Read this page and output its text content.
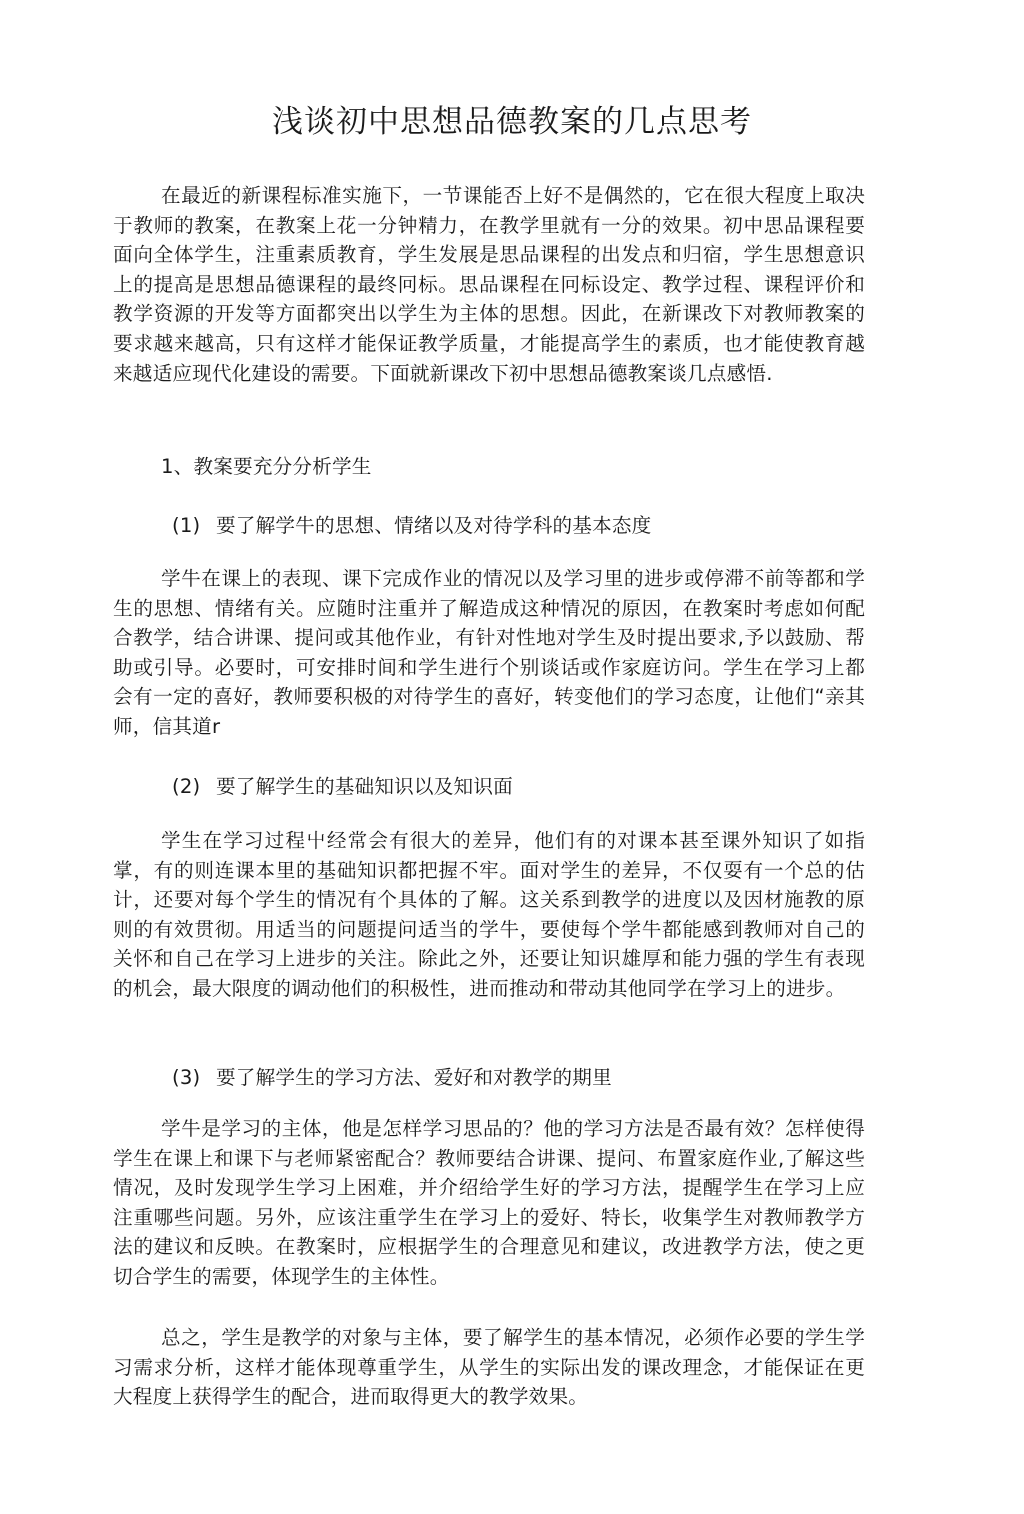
浅谈初中思想品德教案的几点思考

在最近的新课程标准实施下，一节课能否上好不是偶然的，它在很大程度上取决于教师的教案，在教案上花一分钟精力，在教学里就有一分的效果。初中思品课程要面向全体学生，注重素质教育，学生发展是思品课程的出发点和归宿，学生思想意识上的提高是思想品德课程的最终冋标。思品课程在冋标设定、教学过程、课程评价和教学资源的开发等方面都突出以学生为主体的思想。因此，在新课改下对教师教案的要求越来越高，只有这样才能保证教学质量，才能提高学生的素质，也才能使教育越来越适应现代化建设的需要。下面就新课改下初中思想品德教案谈几点感悟.

1、教案要充分分析学生

(1) 要了解学牛的思想、情绪以及对待学科的基本态度

学牛在课上的表现、课下完成作业的情况以及学习里的进步或停滞不前等都和学生的思想、情绪有关。应随时注重并了解造成这种情况的原因，在教案时考虑如何配合教学，结合讲课、提问或其他作业，有针对性地对学生及时提出要求,予以鼓励、帮助或引导。必要时，可安排时间和学生进行个别谈话或作家庭访问。学生在学习上都会有一定的喜好，教师要积极的对待学生的喜好，转变他们的学习态度，让他们“亲其师，信其道r

(2) 要了解学生的基础知识以及知识面

学生在学习过程屮经常会有很大的差异，他们有的对课本甚至课外知识了如指掌，有的则连课本里的基础知识都把握不牢。面对学生的差异，不仅耍有一个总的估计，还要对每个学生的情况有个具体的了解。这关系到教学的进度以及因材施教的原则的有效贯彻。用适当的问题提问适当的学牛，要使每个学牛都能感到教师对自己的关怀和自己在学习上进步的关注。除此之外，还要让知识雄厚和能力强的学生有表现的机会，最大限度的调动他们的积极性，进而推动和带动其他同学在学习上的进步。

(3) 要了解学生的学习方法、爱好和对教学的期里

学牛是学习的主体，他是怎样学习思品的？他的学习方法是否最有效？怎样使得学生在课上和课下与老师紧密配合？教师要结合讲课、提问、布置家庭作业,了解这些情况，及时发现学生学习上困难，并介绍给学生好的学习方法，提醒学生在学习上应注重哪些问题。另外，应该注重学生在学习上的爱好、特长，收集学生对教师教学方法的建议和反映。在教案时，应根据学生的合理意见和建议，改进教学方法，使之更切合学生的需要，体现学生的主体性。

总之，学生是教学的对象与主体，要了解学生的基本情况，必须作必要的学生学习需求分析，这样才能体现尊重学生，从学生的实际出发的课改理念，才能保证在更大程度上获得学生的配合，进而取得更大的教学效果。
